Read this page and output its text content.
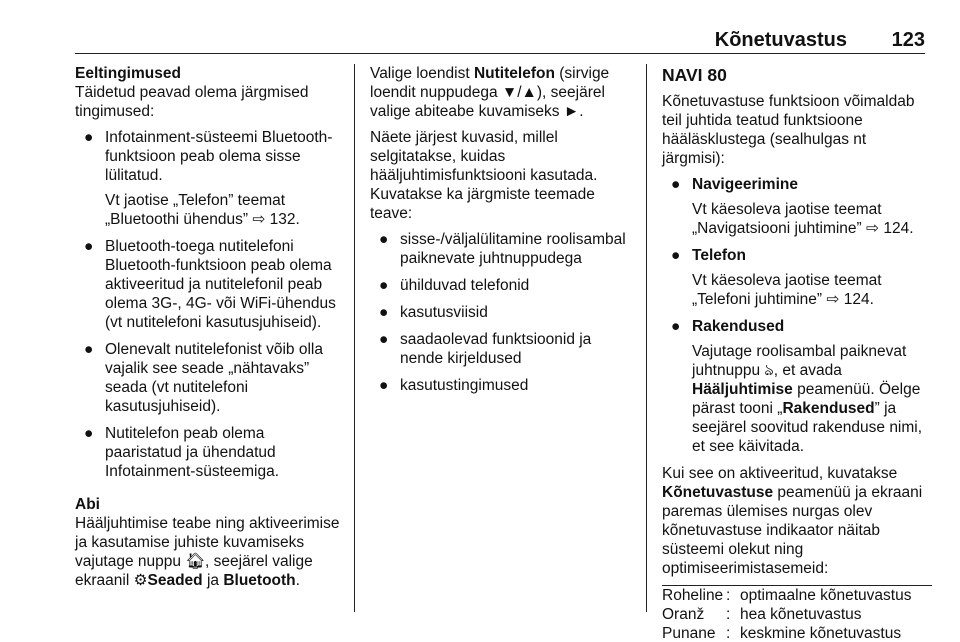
Kõnetuvastus 123
Eeltingimused

Täidetud peavad olema järgmised tingimused:

● Infotainment-süsteemi Bluetooth-funktsioon peab olema sisse lülitatud.
Vt jaotise „Telefon” teemat „Bluetoothi ühendus” ⇨ 132.
● Bluetooth-toega nutitelefoni Bluetooth-funktsioon peab olema aktiveeritud ja nutitelefonil peab olema 3G-, 4G- või WiFi-ühendus (vt nutitelefoni kasutusjuhiseid).
● Olenevalt nutitelefonist võib olla vajalik see seade „nähtavaks” seada (vt nutitelefoni kasutusjuhiseid).
● Nutitelefon peab olema paaristatud ja ühendatud Infotainment-süsteemiga.
Abi

Hääljuhtimise teabe ning aktiveerimise ja kasutamise juhiste kuvamiseks vajutage nuppu 🏠︎, seejärel valige ekraanil ⚙Seaded ja Bluetooth.

Valige loendist Nutitelefon (sirvige loendit nuppudega ▼/▲), seejärel valige abiteabe kuvamiseks ►.

Näete järjest kuvasid, millel selgitatakse, kuidas hääljuhtimisfunktsiooni kasutada. Kuvatakse ka järgmiste teemade teave:

● sisse-/väljalülitamine roolisambal paiknevate juhtnuppudega
● ühilduvad telefonid
● kasutusviisid
● saadaolevad funktsioonid ja nende kirjeldused
● kasutustingimused
NAVI 80

Kõnetuvastuse funktsioon võimaldab teil juhtida teatud funktsioone hääläsklustega (sealhulgas nt järgmisi):

● Navigeerimine
Vt käesoleva jaotise teemat „Navigatsiooni juhtimine” ⇨ 124.
● Telefon
Vt käesoleva jaotise teemat „Telefoni juhtimine” ⇨ 124.
● Rakendused
Vajutage roolisambal paiknevat juhtnuppu ঌ, et avada Hääljuhtimise peamenüü. Öelge pärast tooni „Rakendused” ja seejärel soovitud rakenduse nimi, et see käivitada.

Kui see on aktiveeritud, kuvatakse Kõnetuvastuse peamenüü ja ekraani paremas ülemises nurgas olev kõnetuvastuse indikaator näitab süsteemi olekut ning optimiseerimistasemeid:

Roheline	:	optimaalne kõnetuvastus
Oranž	:	hea kõnetuvastus
Punane	:	keskmine kõnetuvastus
